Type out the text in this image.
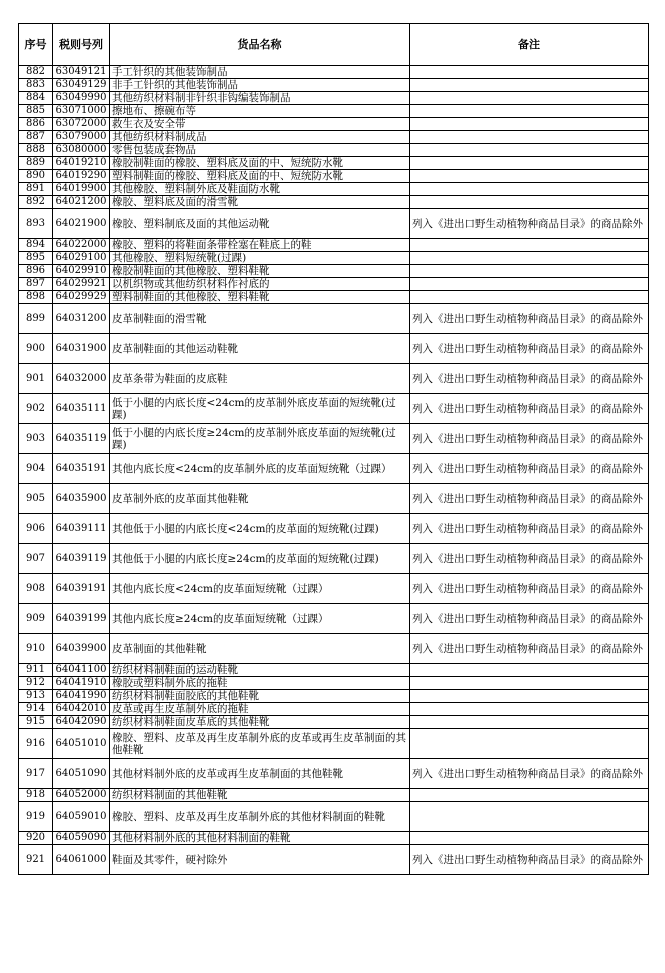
序号	税则号列	货品名称	备注
882	63049121	手工针织的其他装饰制品	
883	63049129	非手工针织的其他装饰制品	
884	63049990	其他纺织材料制非针织非钩编装饰制品	
885	63071000	擦地布、擦碗布等	
886	63072000	救生衣及安全带	
887	63079000	其他纺织材料制成品	
888	63080000	零售包装成套物品	
889	64019210	橡胶制鞋面的橡胶、塑料底及面的中、短统防水靴	
890	64019290	塑料制鞋面的橡胶、塑料底及面的中、短统防水靴	
891	64019900	其他橡胶、塑料制外底及鞋面防水靴	
892	64021200	橡胶、塑料底及面的滑雪靴	
893	64021900	橡胶、塑料制底及面的其他运动靴	列入《进出口野生动植物种商品目录》的商品除外
894	64022000	橡胶、塑料的将鞋面条带栓塞在鞋底上的鞋	
895	64029100	其他橡胶、塑料短统靴(过踝)	
896	64029910	橡胶制鞋面的其他橡胶、塑料鞋靴	
897	64029921	以机织物或其他纺织材料作衬底的	
898	64029929	塑料制鞋面的其他橡胶、塑料鞋靴	
899	64031200	皮革制鞋面的滑雪靴	列入《进出口野生动植物种商品目录》的商品除外
900	64031900	皮革制鞋面的其他运动鞋靴	列入《进出口野生动植物种商品目录》的商品除外
901	64032000	皮革条带为鞋面的皮底鞋	列入《进出口野生动植物种商品目录》的商品除外
902	64035111	低于小腿的内底长度<24cm的皮革制外底皮革面的短统靴(过踝)	列入《进出口野生动植物种商品目录》的商品除外
903	64035119	低于小腿的内底长度≥24cm的皮革制外底皮革面的短统靴(过踝)	列入《进出口野生动植物种商品目录》的商品除外
904	64035191	其他内底长度<24cm的皮革制外底的皮革面短统靴（过踝）	列入《进出口野生动植物种商品目录》的商品除外
905	64035900	皮革制外底的皮革面其他鞋靴	列入《进出口野生动植物种商品目录》的商品除外
906	64039111	其他低于小腿的内底长度<24cm的皮革面的短统靴(过踝)	列入《进出口野生动植物种商品目录》的商品除外
907	64039119	其他低于小腿的内底长度≥24cm的皮革面的短统靴(过踝)	列入《进出口野生动植物种商品目录》的商品除外
908	64039191	其他内底长度<24cm的皮革面短统靴（过踝）	列入《进出口野生动植物种商品目录》的商品除外
909	64039199	其他内底长度≥24cm的皮革面短统靴（过踝）	列入《进出口野生动植物种商品目录》的商品除外
910	64039900	皮革制面的其他鞋靴	列入《进出口野生动植物种商品目录》的商品除外
911	64041100	纺织材料制鞋面的运动鞋靴	
912	64041910	橡胶或塑料制外底的拖鞋	
913	64041990	纺织材料制鞋面胶底的其他鞋靴	
914	64042010	皮革或再生皮革制外底的拖鞋	
915	64042090	纺织材料制鞋面皮革底的其他鞋靴	
916	64051010	橡胶、塑料、皮革及再生皮革制外底的皮革或再生皮革制面的其他鞋靴	
917	64051090	其他材料制外底的皮革或再生皮革制面的其他鞋靴	列入《进出口野生动植物种商品目录》的商品除外
918	64052000	纺织材料制面的其他鞋靴	
919	64059010	橡胶、塑料、皮革及再生皮革制外底的其他材料制面的鞋靴	
920	64059090	其他材料制外底的其他材料制面的鞋靴	
921	64061000	鞋面及其零件，硬衬除外	列入《进出口野生动植物种商品目录》的商品除外
